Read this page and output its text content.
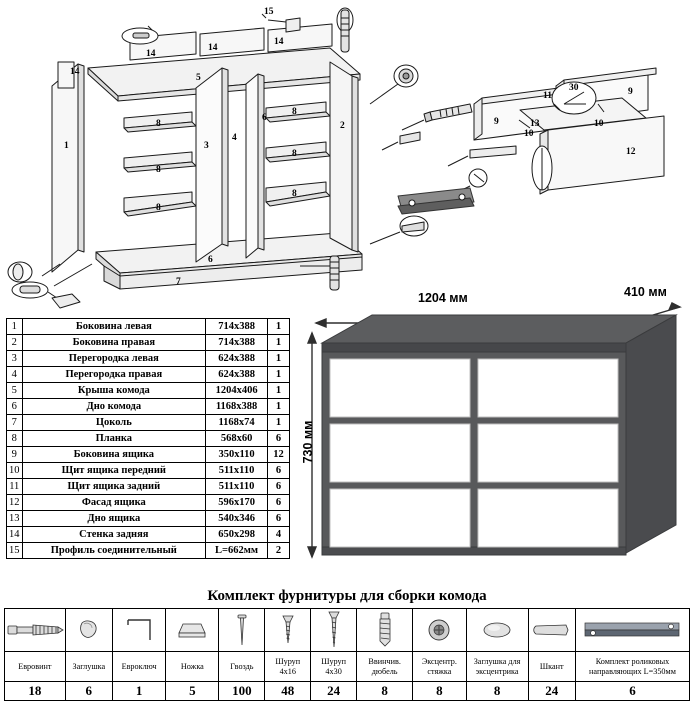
1
2
3
4
5
6
7
6
8
8
8
8
8
8
14
14
14
14
15
9
9
10
10
11
30
13
12
1	Боковина левая	714x388	1
2	Боковина правая	714x388	1
3	Перегородка левая	624x388	1
4	Перегородка правая	624x388	1
5	Крыша комода	1204x406	1
6	Дно комода	1168x388	1
7	Цоколь	1168x74	1
8	Планка	568x60	6
9	Боковина ящика	350x110	12
10	Щит ящика передний	511x110	6
11	Щит ящика задний	511x110	6
12	Фасад ящика	596x170	6
13	Дно ящика	540x346	6
14	Стенка задняя	650x298	4
15	Профиль соединительный	L=662мм	2
1204 мм	410 мм
730 мм
Комплект фурнитуры для сборки комода

Евровинт	Заглушка	Евроключ	Ножка	Гвоздь	Шуруп 4x16	Шуруп 4x30	Ввинчив. дюбель	Эксцентр. стяжка	Заглушка для эксцентрика	Шкант	Комплект роликовых направляющих L=350мм
18	6	1	5	100	48	24	8	8	8	24	6
